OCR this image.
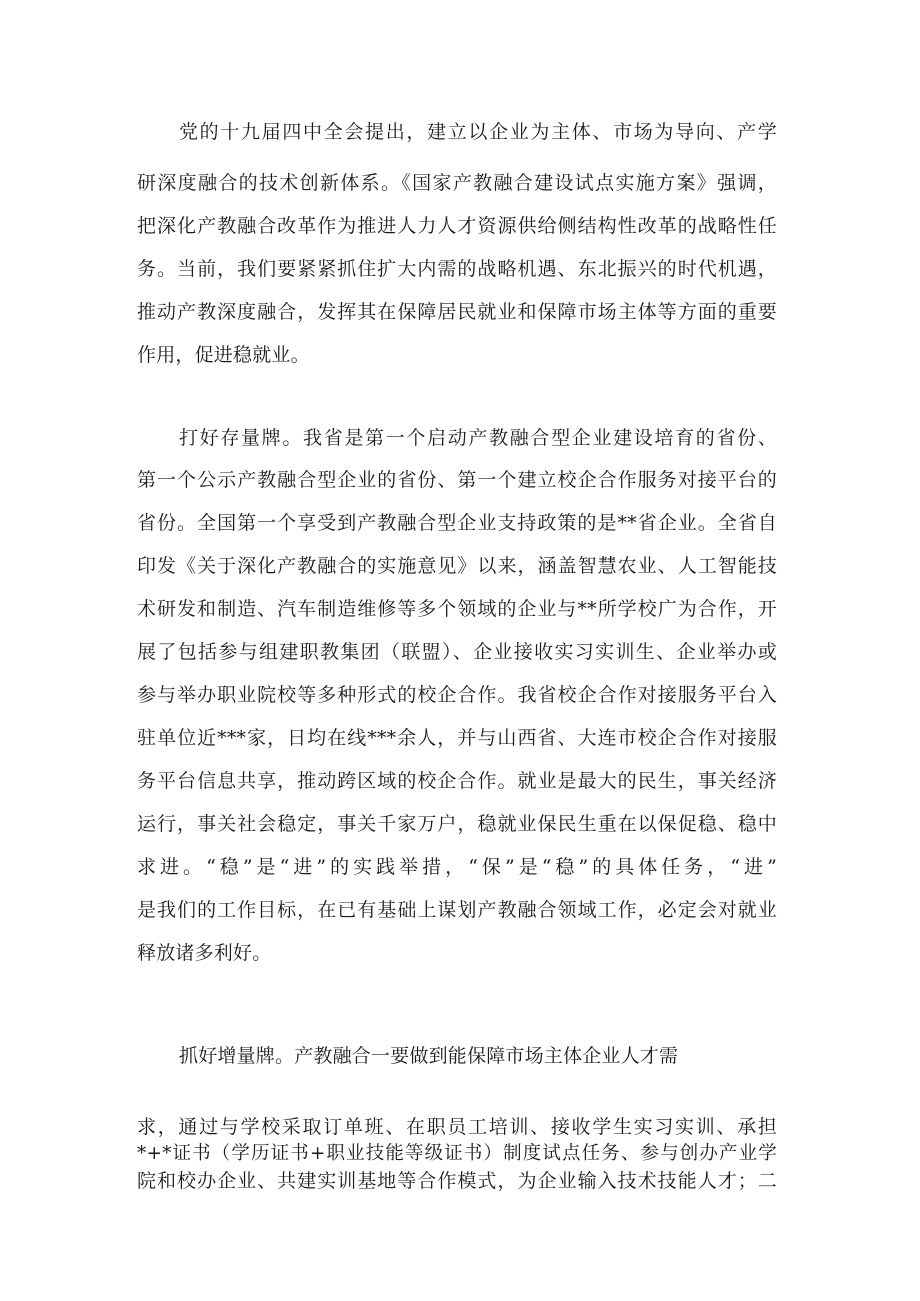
党的十九届四中全会提出，建立以企业为主体、市场为导向、产学
研深度融合的技术创新体系。《国家产教融合建设试点实施方案》强调，
把深化产教融合改革作为推进人力人才资源供给侧结构性改革的战略性任
务。当前，我们要紧紧抓住扩大内需的战略机遇、东北振兴的时代机遇，
推动产教深度融合，发挥其在保障居民就业和保障市场主体等方面的重要
作用，促进稳就业。
打好存量牌。我省是第一个启动产教融合型企业建设培育的省份、
第一个公示产教融合型企业的省份、第一个建立校企合作服务对接平台的
省份。全国第一个享受到产教融合型企业支持政策的是**省企业。全省自
印发《关于深化产教融合的实施意见》以来，涵盖智慧农业、人工智能技
术研发和制造、汽车制造维修等多个领域的企业与**所学校广为合作，开
展了包括参与组建职教集团（联盟）、企业接收实习实训生、企业举办或
参与举办职业院校等多种形式的校企合作。我省校企合作对接服务平台入
驻单位近***家，日均在线***余人，并与山西省、大连市校企合作对接服
务平台信息共享，推动跨区域的校企合作。就业是最大的民生，事关经济
运行，事关社会稳定，事关千家万户，稳就业保民生重在以保促稳、稳中
求进。“稳”是“进”的实践举措，“保”是“稳”的具体任务，“进”
是我们的工作目标，在已有基础上谋划产教融合领域工作，必定会对就业
释放诸多利好。
抓好增量牌。产教融合一要做到能保障市场主体企业人才需
求，通过与学校采取订单班、在职员工培训、接收学生实习实训、承担
*+*证书（学历证书+职业技能等级证书）制度试点任务、参与创办产业学
院和校办企业、共建实训基地等合作模式，为企业输入技术技能人才；二
